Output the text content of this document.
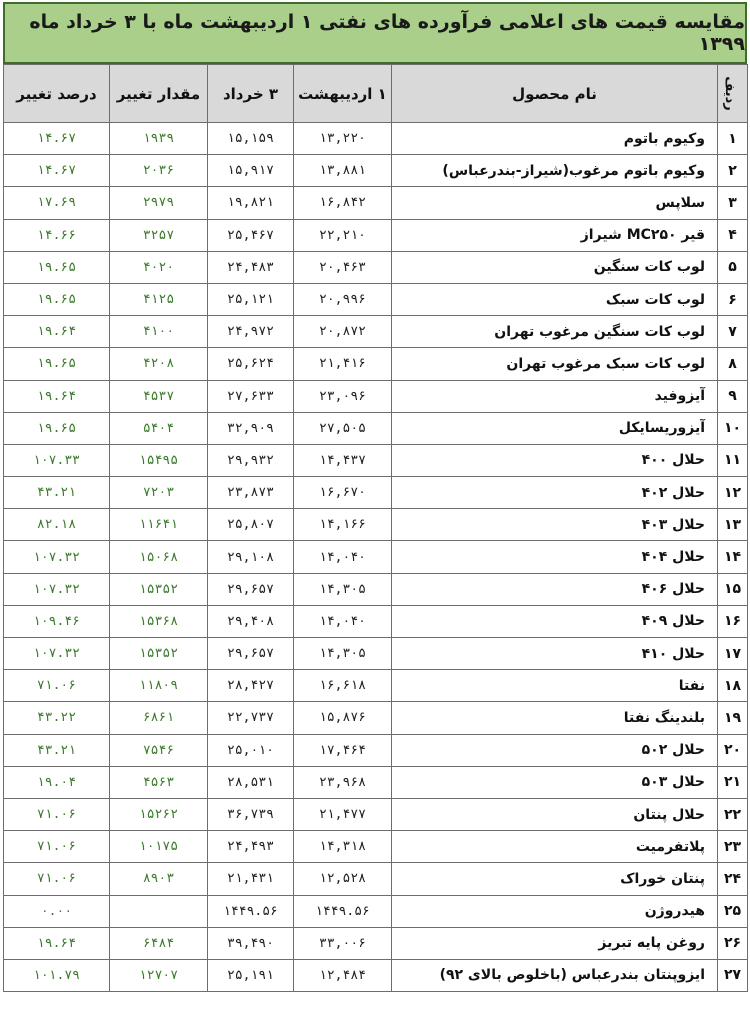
مقایسه قیمت های اعلامی فرآورده های نفتی ۱ اردیبهشت ماه با ۳ خرداد ماه ۱۳۹۹
ردیف	نام محصول	۱ اردیبهشت	۳ خرداد	مقدار تغییر	درصد تغییر
۱	وکیوم باتوم	۱۳,۲۲۰	۱۵,۱۵۹	۱۹۳۹	۱۴.۶۷
۲	وکیوم باتوم مرغوب(شیراز-بندرعباس)	۱۳,۸۸۱	۱۵,۹۱۷	۲۰۳۶	۱۴.۶۷
۳	سلاپس	۱۶,۸۴۲	۱۹,۸۲۱	۲۹۷۹	۱۷.۶۹
۴	قیر MC۲۵۰ شیراز	۲۲,۲۱۰	۲۵,۴۶۷	۳۲۵۷	۱۴.۶۶
۵	لوب کات سنگین	۲۰,۴۶۳	۲۴,۴۸۳	۴۰۲۰	۱۹.۶۵
۶	لوب کات سبک	۲۰,۹۹۶	۲۵,۱۲۱	۴۱۲۵	۱۹.۶۵
۷	لوب کات سنگین مرغوب تهران	۲۰,۸۷۲	۲۴,۹۷۲	۴۱۰۰	۱۹.۶۴
۸	لوب کات سبک مرغوب تهران	۲۱,۴۱۶	۲۵,۶۲۴	۴۲۰۸	۱۹.۶۵
۹	آیزوفید	۲۳,۰۹۶	۲۷,۶۳۳	۴۵۳۷	۱۹.۶۴
۱۰	آیزوریسایکل	۲۷,۵۰۵	۳۲,۹۰۹	۵۴۰۴	۱۹.۶۵
۱۱	حلال ۴۰۰	۱۴,۴۳۷	۲۹,۹۳۲	۱۵۴۹۵	۱۰۷.۳۳
۱۲	حلال ۴۰۲	۱۶,۶۷۰	۲۳,۸۷۳	۷۲۰۳	۴۳.۲۱
۱۳	حلال ۴۰۳	۱۴,۱۶۶	۲۵,۸۰۷	۱۱۶۴۱	۸۲.۱۸
۱۴	حلال ۴۰۴	۱۴,۰۴۰	۲۹,۱۰۸	۱۵۰۶۸	۱۰۷.۳۲
۱۵	حلال ۴۰۶	۱۴,۳۰۵	۲۹,۶۵۷	۱۵۳۵۲	۱۰۷.۳۲
۱۶	حلال ۴۰۹	۱۴,۰۴۰	۲۹,۴۰۸	۱۵۳۶۸	۱۰۹.۴۶
۱۷	حلال ۴۱۰	۱۴,۳۰۵	۲۹,۶۵۷	۱۵۳۵۲	۱۰۷.۳۲
۱۸	نفتا	۱۶,۶۱۸	۲۸,۴۲۷	۱۱۸۰۹	۷۱.۰۶
۱۹	بلندینگ نفتا	۱۵,۸۷۶	۲۲,۷۳۷	۶۸۶۱	۴۳.۲۲
۲۰	حلال ۵۰۲	۱۷,۴۶۴	۲۵,۰۱۰	۷۵۴۶	۴۳.۲۱
۲۱	حلال ۵۰۳	۲۳,۹۶۸	۲۸,۵۳۱	۴۵۶۳	۱۹.۰۴
۲۲	حلال پنتان	۲۱,۴۷۷	۳۶,۷۳۹	۱۵۲۶۲	۷۱.۰۶
۲۳	پلاتفرمیت	۱۴,۳۱۸	۲۴,۴۹۳	۱۰۱۷۵	۷۱.۰۶
۲۴	پنتان خوراک	۱۲,۵۲۸	۲۱,۴۳۱	۸۹۰۳	۷۱.۰۶
۲۵	هیدروژن	۱۴۴۹.۵۶	۱۴۴۹.۵۶		۰.۰۰
۲۶	روغن پایه تبریز	۳۳,۰۰۶	۳۹,۴۹۰	۶۴۸۴	۱۹.۶۴
۲۷	ایزوپنتان بندرعباس (باخلوص بالای ۹۲)	۱۲,۴۸۴	۲۵,۱۹۱	۱۲۷۰۷	۱۰۱.۷۹
